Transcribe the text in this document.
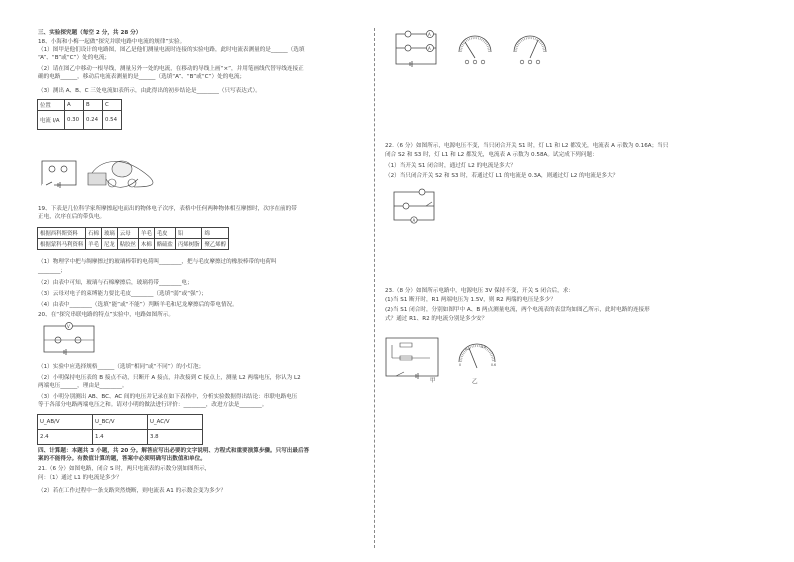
三、实验探究题（每空 2 分，共 28 分）
18、小海和小梅一起做“探究并联电路中电流的规律”实验。
（1）图甲是他们设计的电路图，图乙是他们测量电流时连接的实验电路，此时电流表测量的是______（选填
“A”、“B”或“C”）处的电流；
（2）请在图乙中移动一根导线，测量另外一处的电流，在移动的导线上画“×”，并用笔画线代替导线连接正
确的电路______，移动后电流表测量的是______（选填“A”、“B”或“C”）处的电流；
（3）测出 A、B、C 三处电流如表所示，由此得出的初步结论是________（只写表达式）。
位置	A	B	C
电流 I/A	0.30	0.24	0.54
19、下表是几位科学家所摩擦起电而出的物体电子次序，表格中任何两种物体相互摩擦时，次序在前的带
正电，次序在后的带负电。
根据西科斯资料	石棉	玻璃	云母	羊毛	毛皮	铅	绵
根据蒙科马利资料	羊毛	尼龙	粘胶丝	木棉	酪硫盐	丙烯树脂	聚乙烯醇
（1）物理学中把与绸摩擦过的玻璃棒带的电荷叫________，把与毛皮摩擦过的橡胶棒带的电荷叫
________；
（2）由表中可知，玻璃与石棉摩擦后，玻璃将带________电；
（3）云母对电子的束缚能力要比毛皮________（选填“弱”或“强”）；
（4）由表中________（选填“能”或“不能”）判断羊毛和尼龙摩擦后的带电情况。
20、在“探究串联电路的特点”实验中，电路如图所示。
V
（1）实验中应选择规格______（选填“相同”或“不同”）的小灯泡；
（2）小明保持电压表的 B 接点不动，只断开 A 接点，并改接到 C 接点上，测量 L2 两端电压，你认为 L2
两端电压______，理由是________。
（3）小明分别测出 AB、BC、AC 间的电压并记录在如下表格中，分析实验数据得出结论：串联电路电压
等于各部分电路两端电压之和。请对小明的做法进行评价：________，改进方法是________。
U_AB/V	U_BC/V	U_AC/V
2.4	1.4	3.8
四、计算题：本题共 3 小题，共 20 分。解答应写出必要的文字说明、方程式和重要演算步骤。只写出最后答
案的不能得分。有数值计算的题，答案中必须明确写出数值和单位。
21.（6 分）如图电路，闭合 S 时，两只电流表的示数分别如图所示，
问：（1）通过 L1 的电流是多少？
（2）若在工作过程中一条支路突然烧断，则电流表 A1 的示数会变为多少？
A
A
22.（6 分）如图所示，电源电压不变，当只闭合开关 S1 时，灯 L1 和 L2 都发光，电流表 A 示数为 0.16A；当只
闭合 S2 和 S3 时，灯 L1 和 L2 都发光，电流表 A 示数为 0.58A。试完成下列问题：
（1）当开关 S1 闭合时，通过灯 L2 的电流是多大？
（2）当只闭合开关 S2 和 S3 时，若通过灯 L1 的电流是 0.3A，则通过灯 L2 的电流是多大？
A
23.（8 分）如图所示电路中，电源电压 3V 保持不变，开关 S 闭合后，求：
(1)当 S1 断开时，R1 两端电压为 1.5V，则 R2 两端的电压是多少？
(2)当 S1 闭合时，分别如图甲中 A、B 两点测量电流，两个电流表的表盘均如图乙所示，此时电路的连接形
式？通过 R1、R2 的电流分别是多少安？
甲
0
0.2	0.4
0.6
乙
